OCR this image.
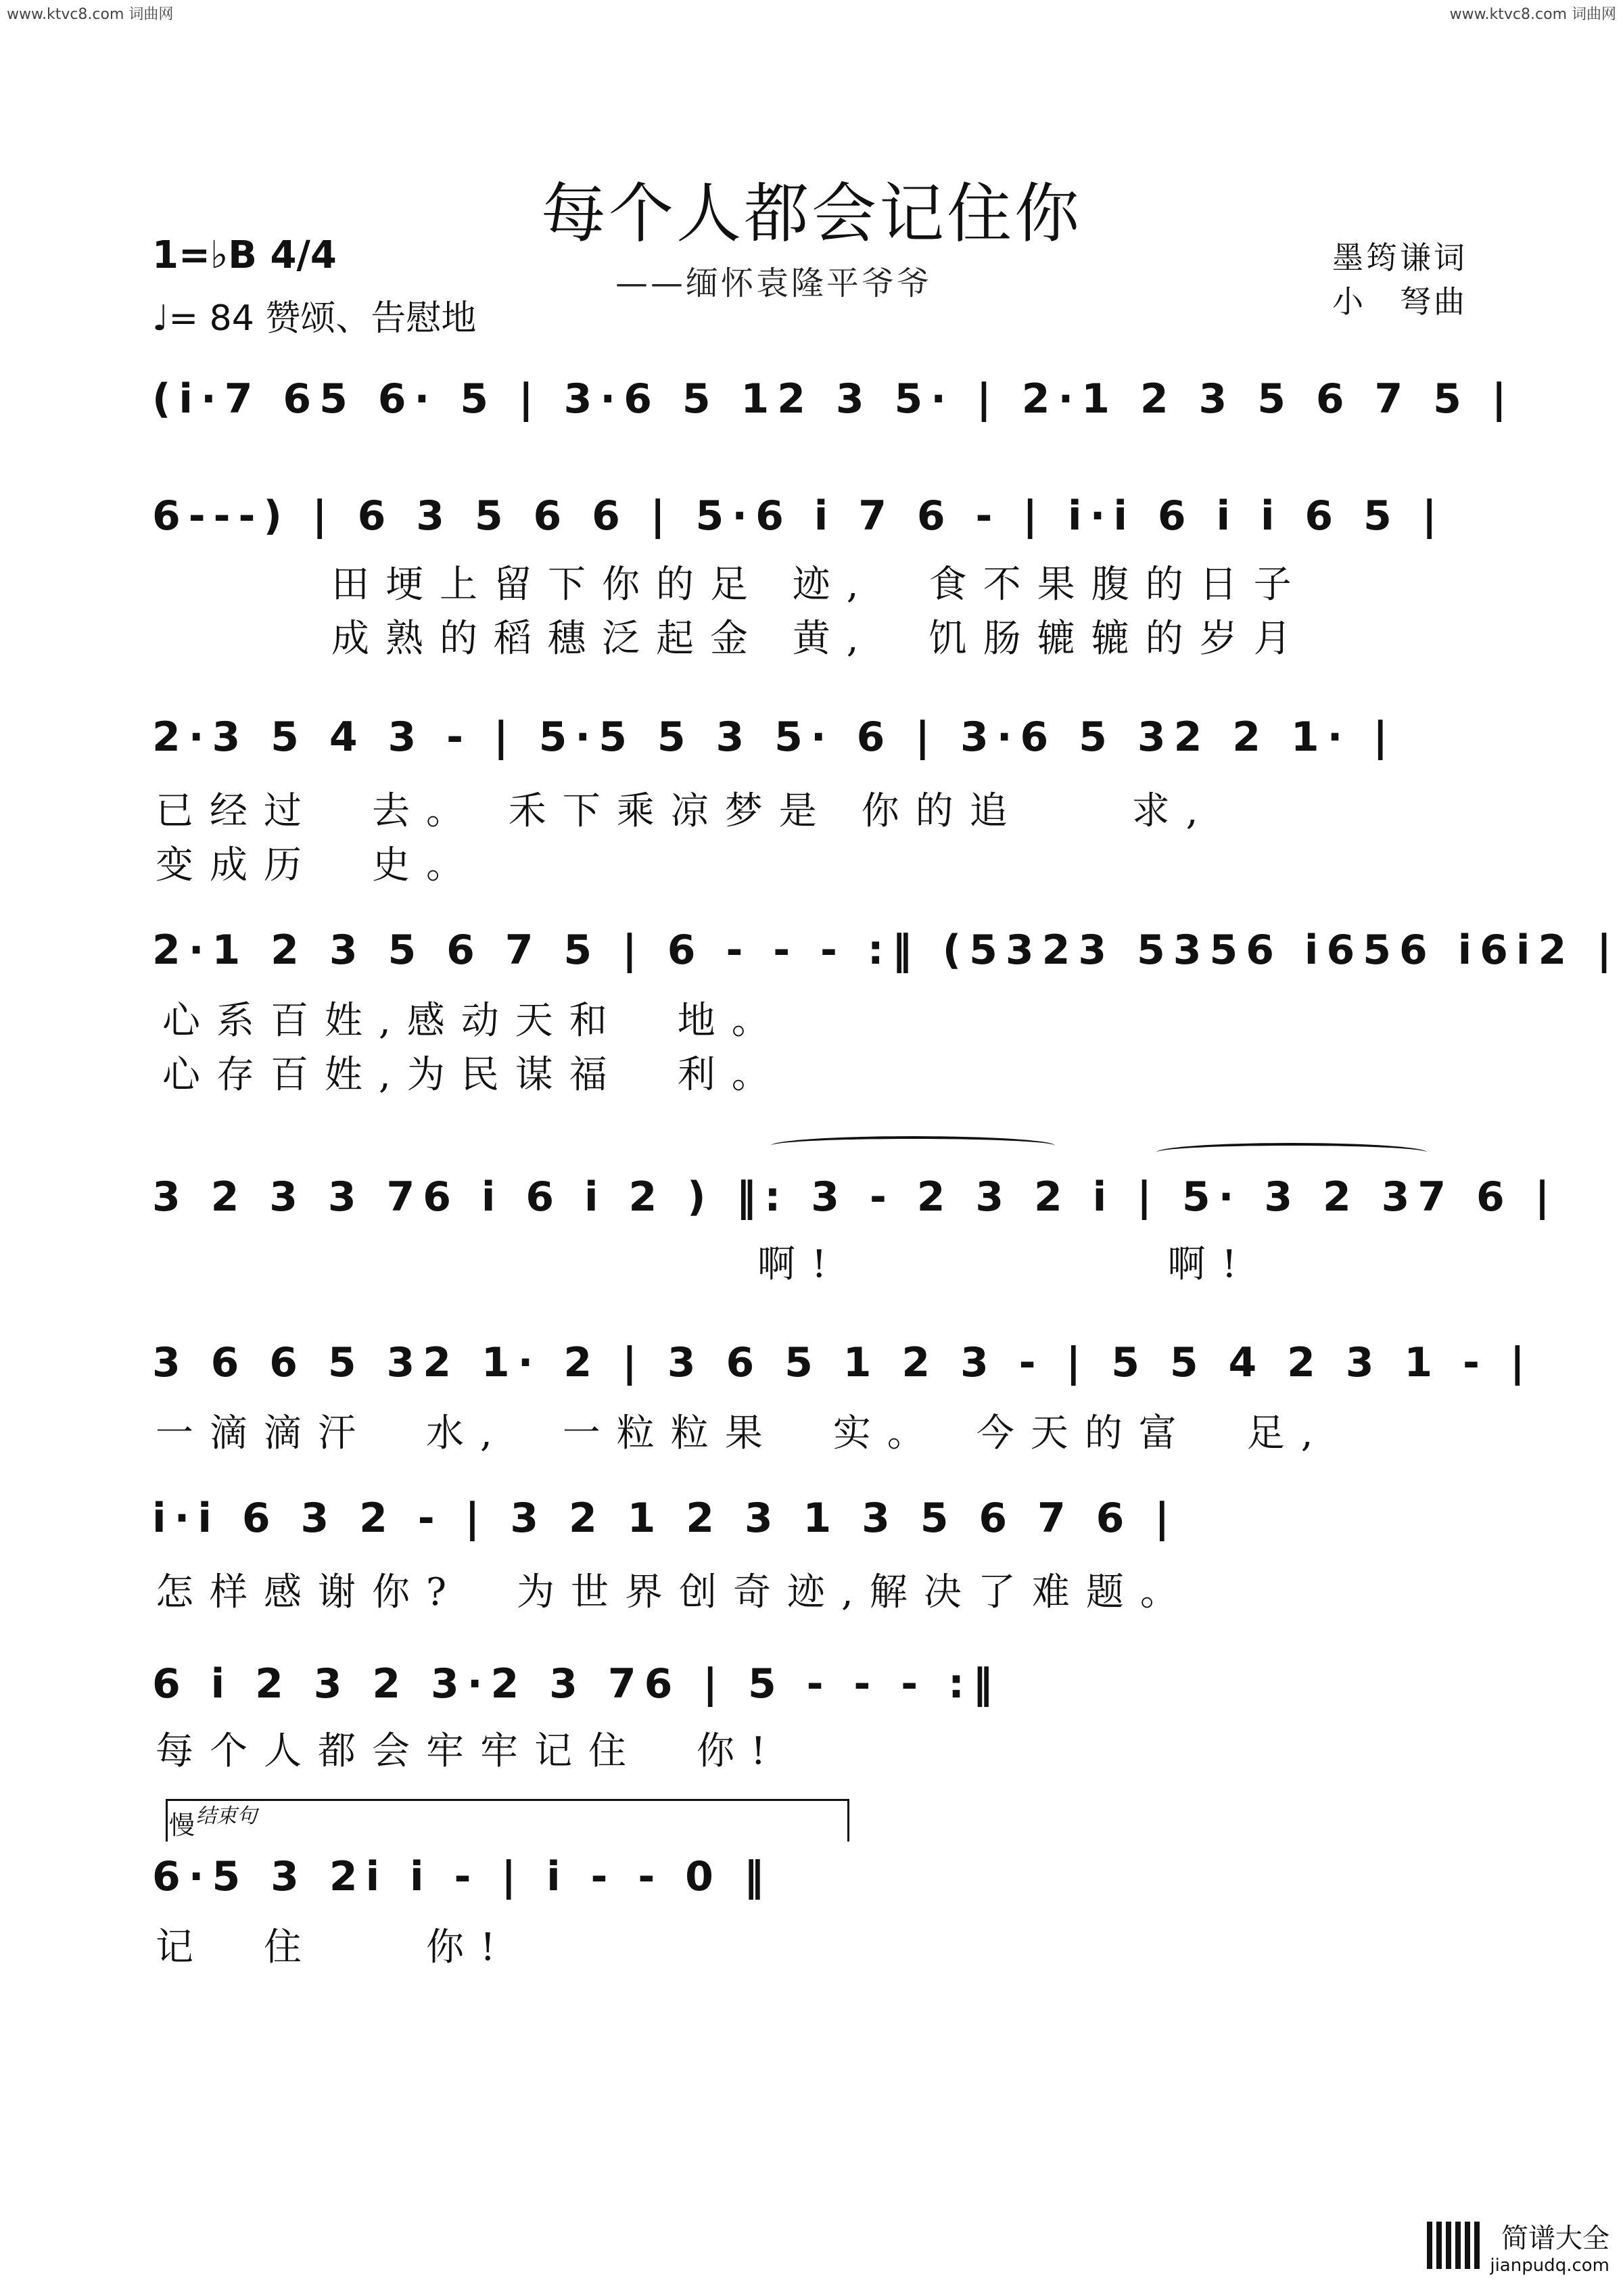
www.ktvc8.com 词曲网	www.ktvc8.com 词曲网
每个人都会记住你
——缅怀袁隆平爷爷
墨筠谦词
小　弩曲
1=♭B 4/4
♩= 84 赞颂、告慰地
(i·7 65 6· 5 | 3·6 5 12 3 5· | 2·1 2 3 5 6 7 5 |
6---) | 6 3 5 6 6 | 5·6 i 7 6 - | i·i 6 i i 6 5 |
田埂上留下你的足 迹,　食不果腹的日子
成熟的稻穗泛起金 黄,　饥肠辘辘的岁月
2·3 5 4 3 - | 5·5 5 3 5· 6 | 3·6 5 32 2 1· |
已经过　去。 禾下乘凉梦是 你的追　　求,
变成历　史。
2·1 2 3 5 6 7 5 | 6 - - - :‖ (5323 5356 i656 i6i2 |
心系百姓,感动天和　地。
心存百姓,为民谋福　利。
3 2 3 3 76 i 6 i 2 ) ‖: 3 - 2 3 2 i | 5· 3 2 37 6 |
啊!　　　　　　啊!
3 6 6 5 32 1· 2 | 3 6 5 1 2 3 - | 5 5 4 2 3 1 - |
一滴滴汗　水,　一粒粒果　实。　今天的富　足,
i·i 6 3 2 - | 3 2 1 2 3 1 3 5 6 7 6 |
怎样感谢你?　为世界创奇迹,解决了难题。
6 i 2 3 2 3·2 3 76 | 5 - - - :‖
每个人都会牢牢记住　你!
慢 结束句
6·5 3 2i i - | i - - 0 ‖
记　住　　你!
简谱大全
jianpudq.com
